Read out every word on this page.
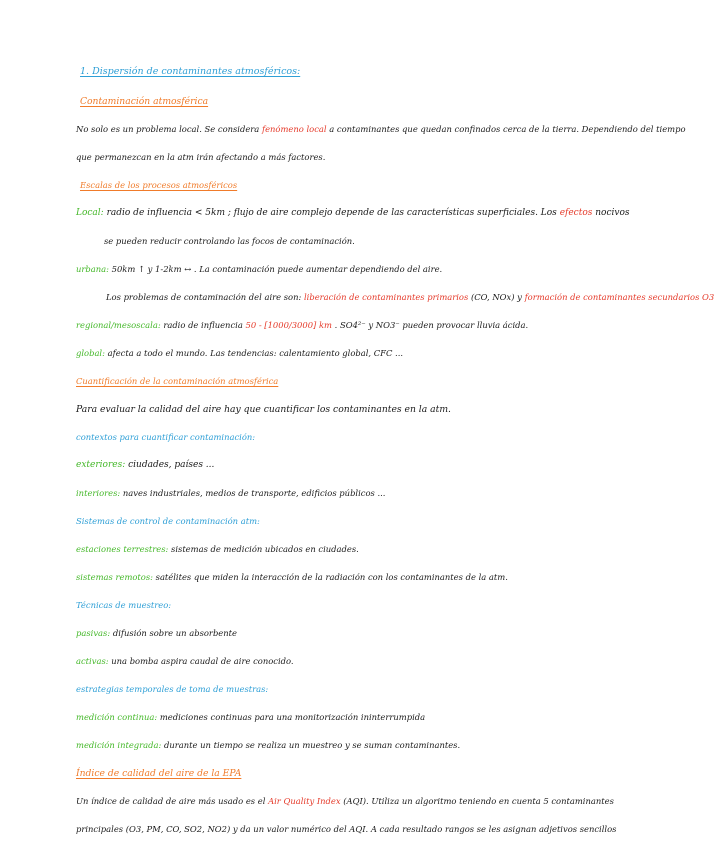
1. Dispersión de contaminantes atmosféricos:
Contaminación atmosférica
No solo es un problema local. Se considera fenómeno local a contaminantes que quedan confinados cerca de la tierra. Dependiendo del tiempo
que permanezcan en la atm irán afectando a más factores.
Escalas de los procesos atmosféricos
Local: radio de influencia < 5km ; flujo de aire complejo depende de las características superficiales. Los efectos nocivos
se pueden reducir controlando las focos de contaminación.
urbana: 50km ↑ y 1-2km ↔ . La contaminación puede aumentar dependiendo del aire.
Los problemas de contaminación del aire son: liberación de contaminantes primarios (CO, NOx) y formación de contaminantes secundarios O3
regional/mesoscala: radio de influencia 50 - [1000/3000] km . SO4²⁻ y NO3⁻ pueden provocar lluvia ácida.
global: afecta a todo el mundo. Las tendencias: calentamiento global, CFC ...
Cuantificación de la contaminación atmosférica
Para evaluar la calidad del aire hay que cuantificar los contaminantes en la atm.
contextos para cuantificar contaminación:
exteriores: ciudades, países ...
interiores: naves industriales, medios de transporte, edificios públicos ...
Sistemas de control de contaminación atm:
estaciones terrestres: sistemas de medición ubicados en ciudades.
sistemas remotos: satélites que miden la interacción de la radiación con los contaminantes de la atm.
Técnicas de muestreo:
pasivas: difusión sobre un absorbente
activas: una bomba aspira caudal de aire conocido.
estrategias temporales de toma de muestras:
medición continua: mediciones continuas para una monitorización ininterrumpida
medición integrada: durante un tiempo se realiza un muestreo y se suman contaminantes.
Índice de calidad del aire de la EPA
Un índice de calidad de aire más usado es el Air Quality Index (AQI). Utiliza un algoritmo teniendo en cuenta 5 contaminantes
principales (O3, PM, CO, SO2, NO2) y da un valor numérico del AQI. A cada resultado rangos se les asignan adjetivos sencillos
